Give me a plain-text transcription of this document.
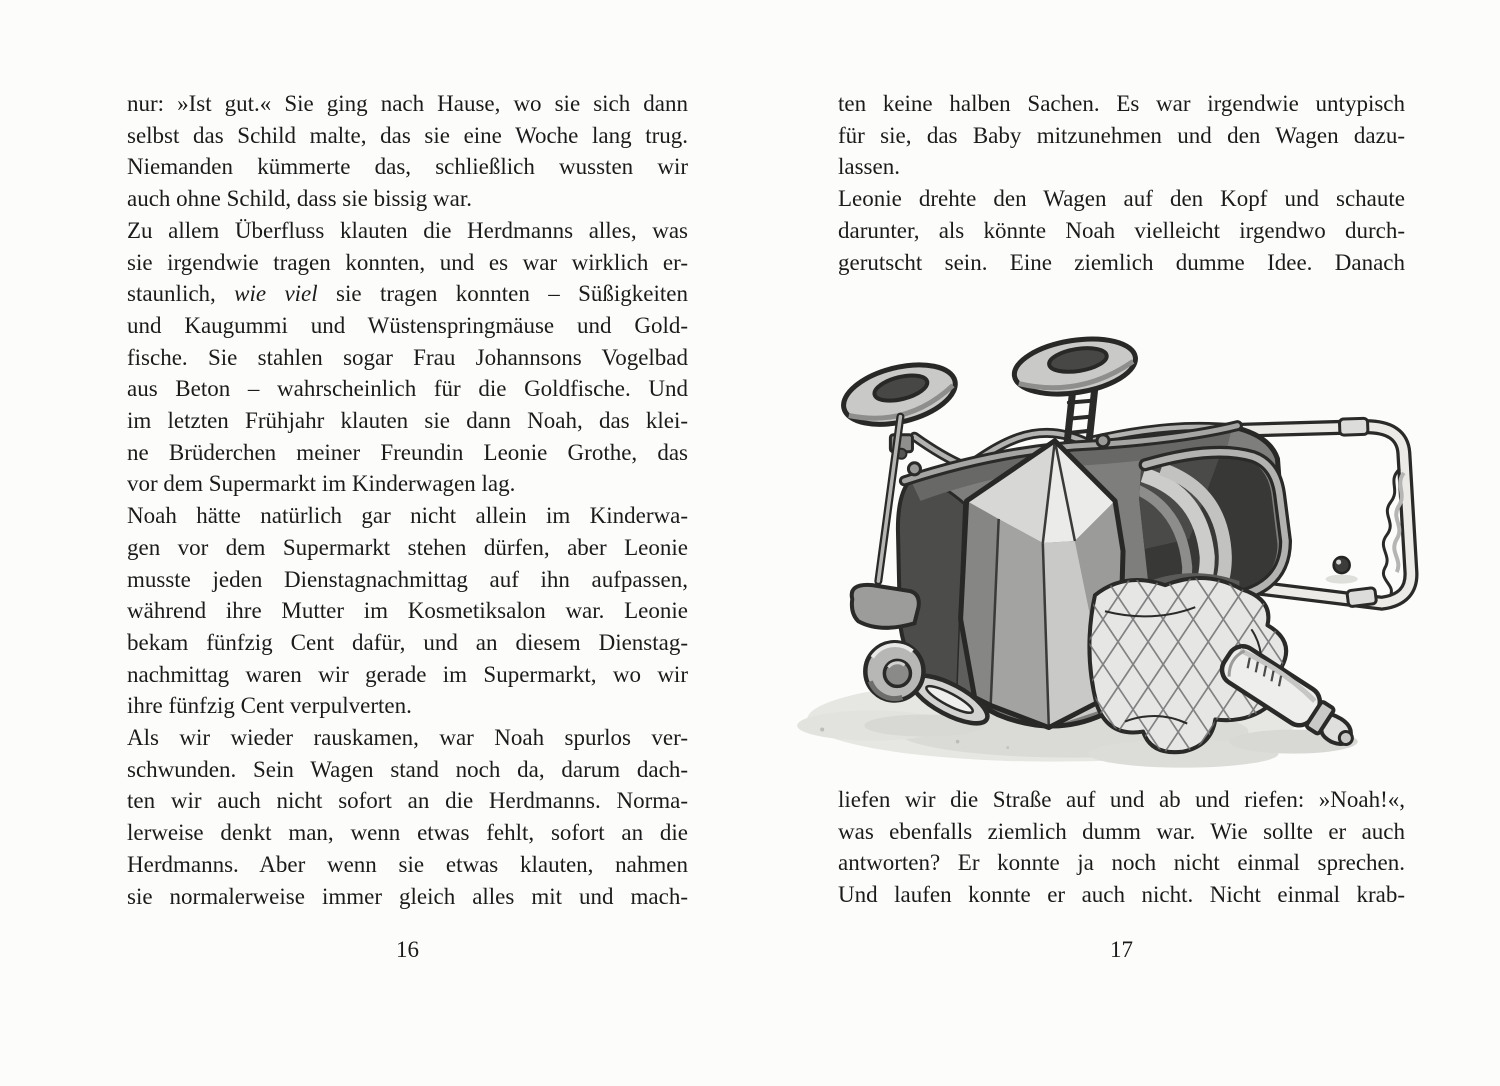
nur: »Ist gut.« Sie ging nach Hause, wo sie sich dann
selbst das Schild malte, das sie eine Woche lang trug.
Niemanden kümmerte das, schließlich wussten wir
auch ohne Schild, dass sie bissig war.
Zu allem Überfluss klauten die Herdmanns alles, was
sie irgendwie tragen konnten, und es war wirklich er-
staunlich, wie viel sie tragen konnten – Süßigkeiten
und Kaugummi und Wüstenspringmäuse und Gold-
fische. Sie stahlen sogar Frau Johannsons Vogelbad
aus Beton – wahrscheinlich für die Goldfische. Und
im letzten Frühjahr klauten sie dann Noah, das klei-
ne Brüderchen meiner Freundin Leonie Grothe, das
vor dem Supermarkt im Kinderwagen lag.
Noah hätte natürlich gar nicht allein im Kinderwa-
gen vor dem Supermarkt stehen dürfen, aber Leonie
musste jeden Dienstagnachmittag auf ihn aufpassen,
während ihre Mutter im Kosmetiksalon war. Leonie
bekam fünfzig Cent dafür, und an diesem Dienstag-
nachmittag waren wir gerade im Supermarkt, wo wir
ihre fünfzig Cent verpulverten.
Als wir wieder rauskamen, war Noah spurlos ver-
schwunden. Sein Wagen stand noch da, darum dach-
ten wir auch nicht sofort an die Herdmanns. Norma-
lerweise denkt man, wenn etwas fehlt, sofort an die
Herdmanns. Aber wenn sie etwas klauten, nahmen
sie normalerweise immer gleich alles mit und mach-
ten keine halben Sachen. Es war irgendwie untypisch
für sie, das Baby mitzunehmen und den Wagen dazu-
lassen.
Leonie drehte den Wagen auf den Kopf und schaute
darunter, als könnte Noah vielleicht irgendwo durch-
gerutscht sein. Eine ziemlich dumme Idee. Danach
liefen wir die Straße auf und ab und riefen: »Noah!«,
was ebenfalls ziemlich dumm war. Wie sollte er auch
antworten? Er konnte ja noch nicht einmal sprechen.
Und laufen konnte er auch nicht. Nicht einmal krab-
16	17
